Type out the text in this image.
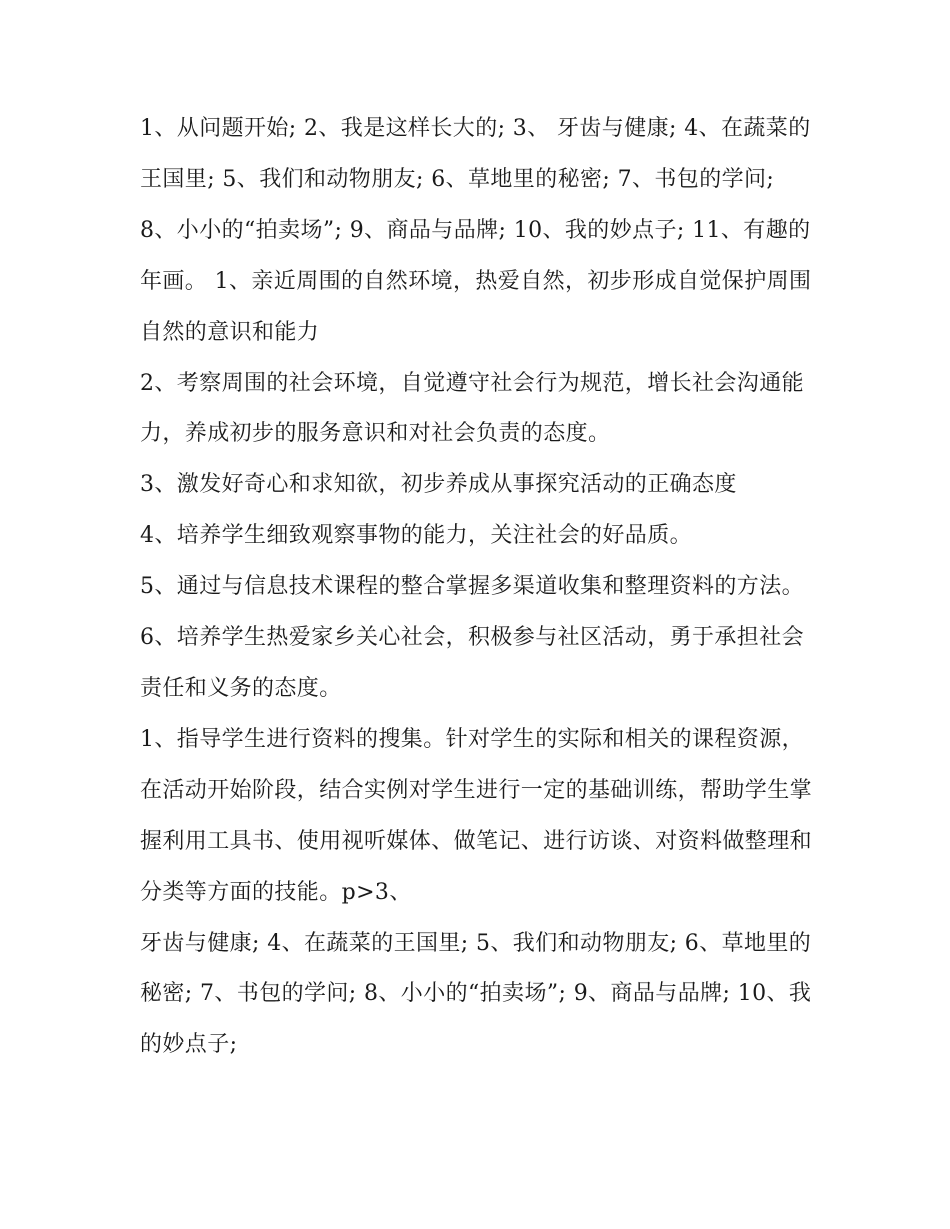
1、从问题开始; 2、我是这样长大的; 3、 牙齿与健康; 4、在蔬菜的王国里; 5、我们和动物朋友; 6、草地里的秘密; 7、书包的学问;

8、小小的“拍卖场”; 9、商品与品牌; 10、我的妙点子; 11、有趣的年画。 1、亲近周围的自然环境，热爱自然，初步形成自觉保护周围自然的意识和能力

2、考察周围的社会环境，自觉遵守社会行为规范，增长社会沟通能力，养成初步的服务意识和对社会负责的态度。

3、激发好奇心和求知欲，初步养成从事探究活动的正确态度

4、培养学生细致观察事物的能力，关注社会的好品质。

5、通过与信息技术课程的整合掌握多渠道收集和整理资料的方法。 6、培养学生热爱家乡关心社会，积极参与社区活动，勇于承担社会责任和义务的态度。

1、指导学生进行资料的搜集。针对学生的实际和相关的课程资源，在活动开始阶段，结合实例对学生进行一定的基础训练，帮助学生掌握利用工具书、使用视听媒体、做笔记、进行访谈、对资料做整理和分类等方面的技能。p>3、

牙齿与健康; 4、在蔬菜的王国里; 5、我们和动物朋友; 6、草地里的秘密; 7、书包的学问; 8、小小的“拍卖场”; 9、商品与品牌; 10、我的妙点子;
